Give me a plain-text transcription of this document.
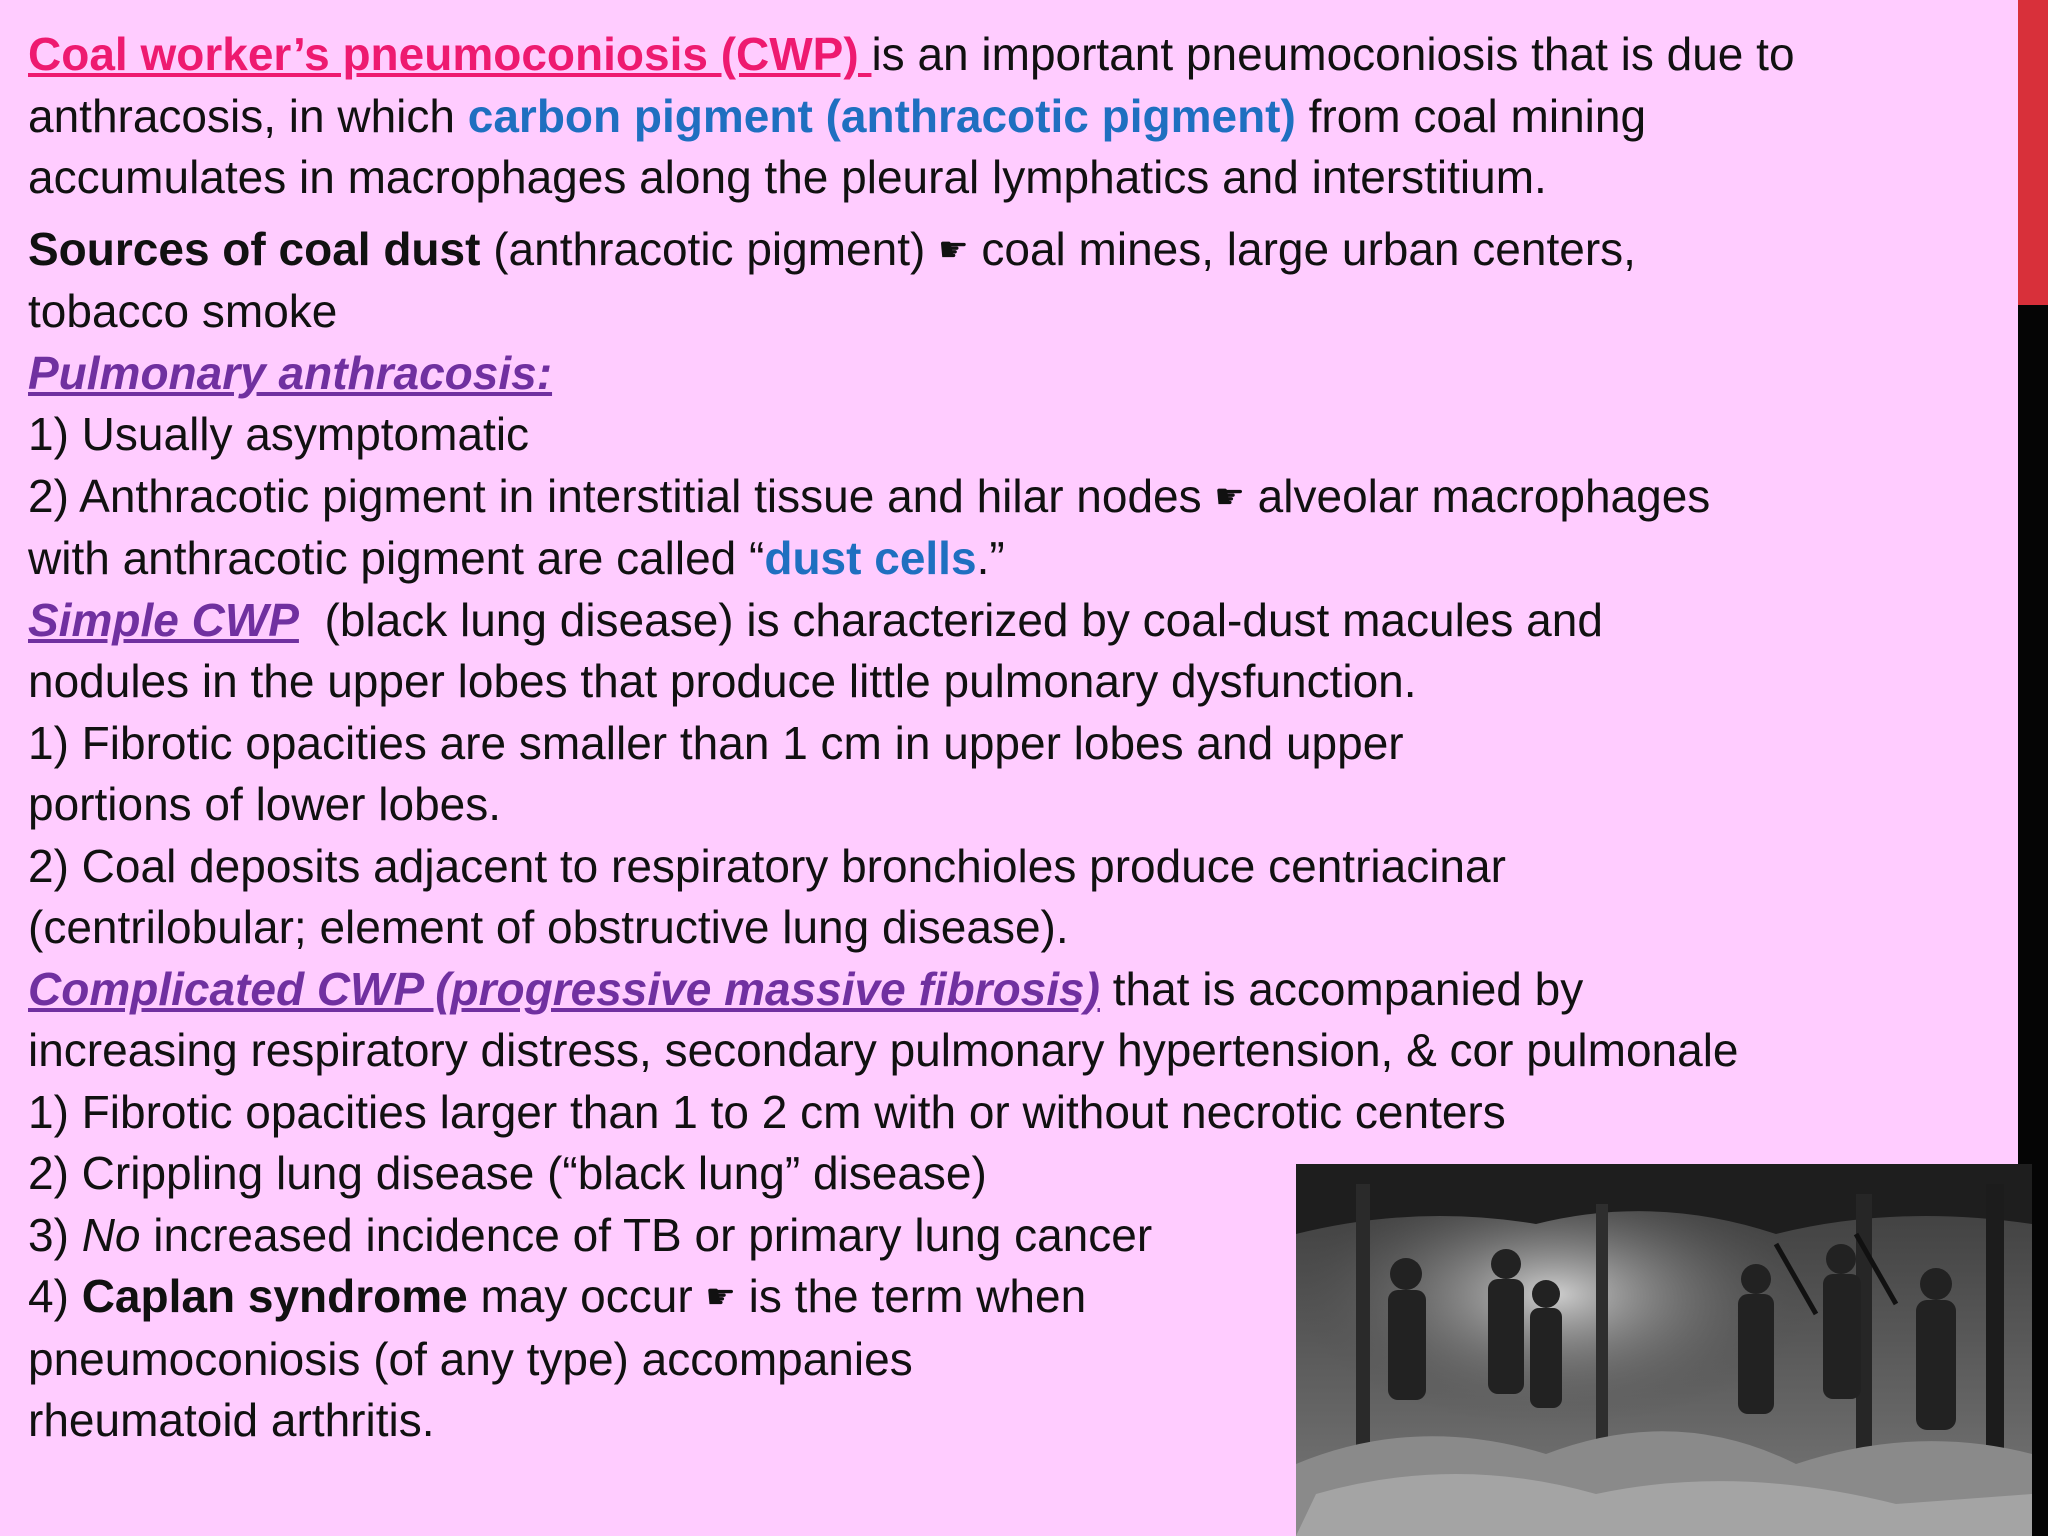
Coal worker’s pneumoconiosis (CWP) is an important pneumoconiosis that is due to
anthracosis, in which carbon pigment (anthracotic pigment) from coal mining
accumulates in macrophages along the pleural lymphatics and interstitium.
Sources of coal dust (anthracotic pigment) ☛ coal mines, large urban centers,
tobacco smoke
Pulmonary anthracosis:
1) Usually asymptomatic
2) Anthracotic pigment in interstitial tissue and hilar nodes ☛ alveolar macrophages
with anthracotic pigment are called “dust cells.”
Simple CWP  (black lung disease) is characterized by coal-dust macules and
nodules in the upper lobes that produce little pulmonary dysfunction.
1) Fibrotic opacities are smaller than 1 cm in upper lobes and upper
portions of lower lobes.
2) Coal deposits adjacent to respiratory bronchioles produce centriacinar
(centrilobular; element of obstructive lung disease).
Complicated CWP (progressive massive fibrosis) that is accompanied by
increasing respiratory distress, secondary pulmonary hypertension, & cor pulmonale
1) Fibrotic opacities larger than 1 to 2 cm with or without necrotic centers
2) Crippling lung disease (“black lung” disease)
3) No increased incidence of TB or primary lung cancer
4) Caplan syndrome may occur ☛ is the term when
pneumoconiosis (of any type) accompanies
rheumatoid arthritis.
